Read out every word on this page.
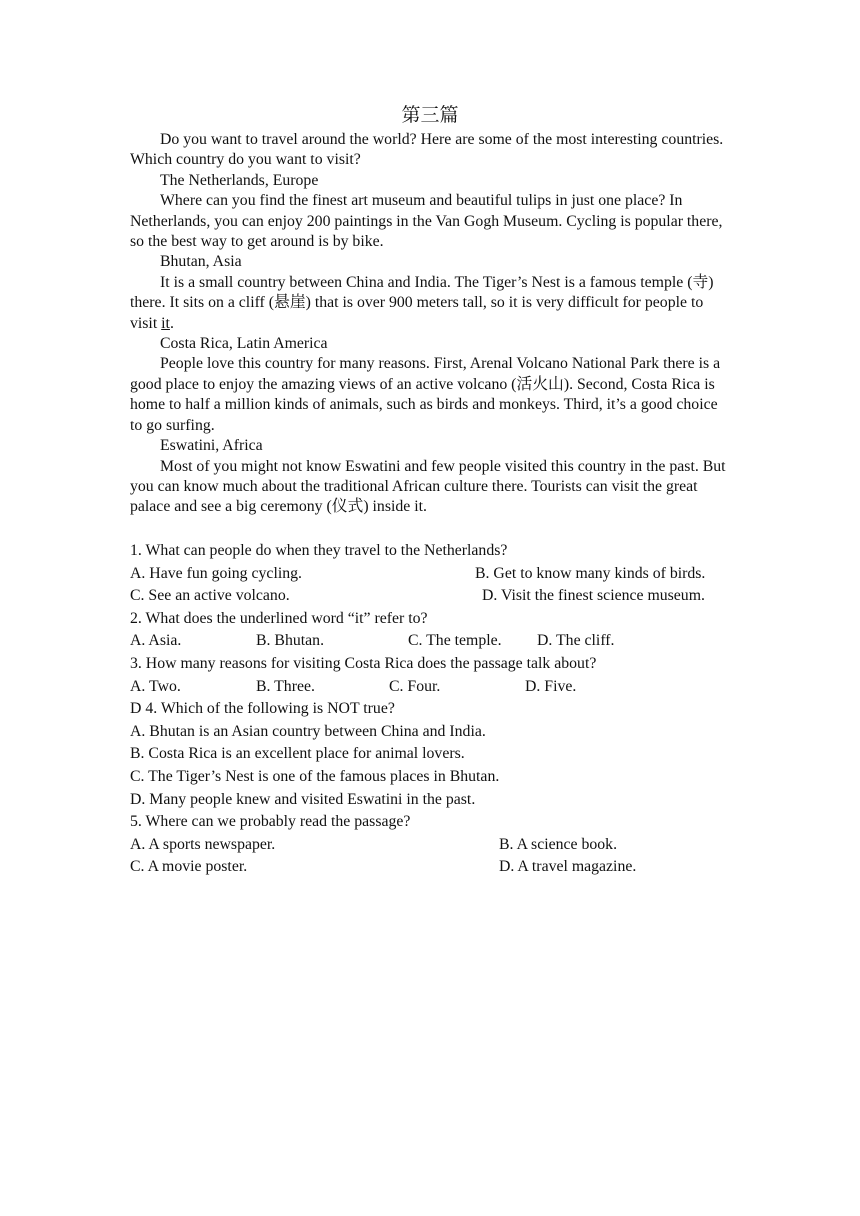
第三篇

Do you want to travel around the world? Here are some of the most interesting countries. Which country do you want to visit?

The Netherlands, Europe

Where can you find the finest art museum and beautiful tulips in just one place? In Netherlands, you can enjoy 200 paintings in the Van Gogh Museum. Cycling is popular there, so the best way to get around is by bike.

Bhutan, Asia

It is a small country between China and India. The Tiger’s Nest is a famous temple (寺) there. It sits on a cliff (悬崖) that is over 900 meters tall, so it is very difficult for people to visit it.

Costa Rica, Latin America

People love this country for many reasons. First, Arenal Volcano National Park there is a good place to enjoy the amazing views of an active volcano (活火山). Second, Costa Rica is home to half a million kinds of animals, such as birds and monkeys. Third, it’s a good choice to go surfing.

Eswatini, Africa

Most of you might not know Eswatini and few people visited this country in the past. But you can know much about the traditional African culture there. Tourists can visit the great palace and see a big ceremony (仪式) inside it.

1. What can people do when they travel to the Netherlands?

A. Have fun going cycling.	B. Get to know many kinds of birds.
C. See an active volcano.	D. Visit the finest science museum.

2. What does the underlined word “it” refer to?

A. Asia.	B. Bhutan.	C. The temple. D. The cliff.

3. How many reasons for visiting Costa Rica does the passage talk about?

A. Two.	B. Three.	C. Four.	D. Five.

D 4. Which of the following is NOT true?

A. Bhutan is an Asian country between China and India.

B. Costa Rica is an excellent place for animal lovers.

C. The Tiger’s Nest is one of the famous places in Bhutan.

D. Many people knew and visited Eswatini in the past.

5. Where can we probably read the passage?

A. A sports newspaper.	B. A science book.
C. A movie poster.	D. A travel magazine.
